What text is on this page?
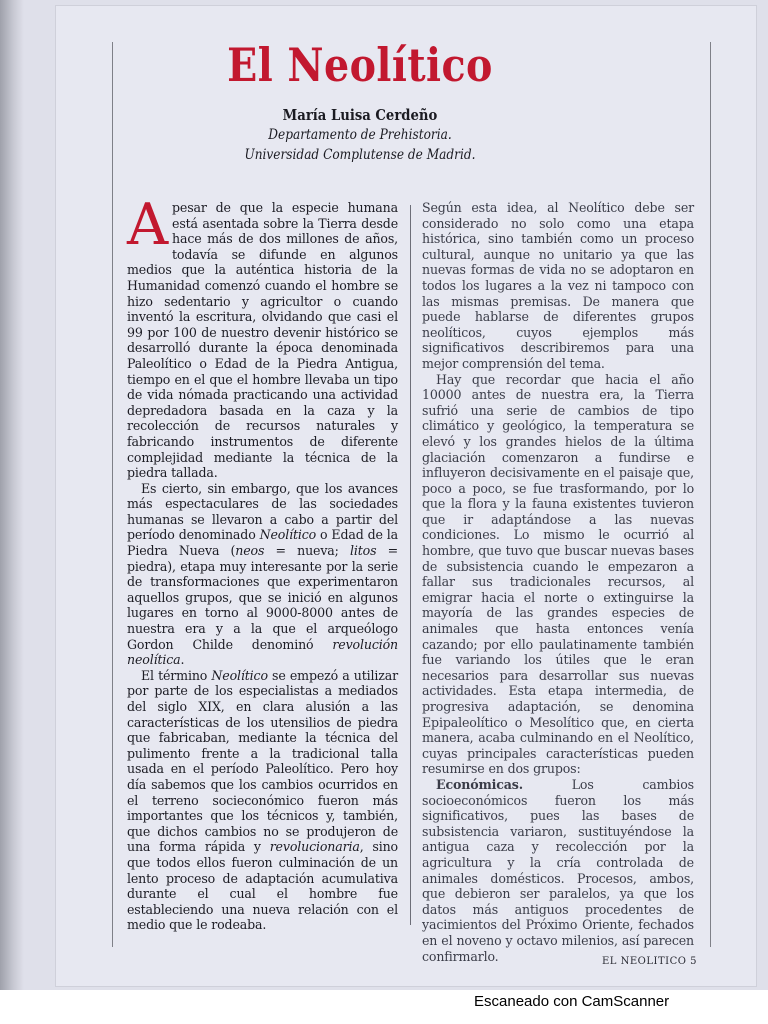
El Neolítico
María Luisa Cerdeño
Departamento de Prehistoria.
Universidad Complutense de Madrid.

Apesar de que la especie humana está asentada sobre la Tierra desde hace más de dos millones de años, todavía se difunde en algunos medios que la auténtica historia de la Humanidad comenzó cuando el hombre se hizo sedentario y agricultor o cuando inventó la escritura, olvidando que casi el 99 por 100 de nuestro devenir histórico se desarrolló durante la época denominada Paleolítico o Edad de la Piedra Antigua, tiempo en el que el hombre llevaba un tipo de vida nómada practicando una actividad depredadora basada en la caza y la recolección de recursos naturales y fabricando instrumentos de diferente complejidad mediante la técnica de la piedra tallada.

Es cierto, sin embargo, que los avances más espectaculares de las sociedades humanas se llevaron a cabo a partir del período denominado Neolítico o Edad de la Piedra Nueva (neos = nueva; litos = piedra), etapa muy interesante por la serie de transformaciones que experimentaron aquellos grupos, que se inició en algunos lugares en torno al 9000-8000 antes de nuestra era y a la que el arqueólogo Gordon Childe denominó revolución neolítica.

El término Neolítico se empezó a utilizar por parte de los especialistas a mediados del siglo XIX, en clara alusión a las características de los utensilios de piedra que fabricaban, mediante la técnica del pulimento frente a la tradicional talla usada en el período Paleolítico. Pero hoy día sabemos que los cambios ocurridos en el terreno socieconómico fueron más importantes que los técnicos y, también, que dichos cambios no se produjeron de una forma rápida y revolucionaria, sino que todos ellos fueron culminación de un lento proceso de adaptación acumulativa durante el cual el hombre fue estableciendo una nueva relación con el medio que le rodeaba.

Según esta idea, al Neolítico debe ser considerado no solo como una etapa histórica, sino también como un proceso cultural, aunque no unitario ya que las nuevas formas de vida no se adoptaron en todos los lugares a la vez ni tampoco con las mismas premisas. De manera que puede hablarse de diferentes grupos neolíticos, cuyos ejemplos más significativos describiremos para una mejor comprensión del tema.

Hay que recordar que hacia el año 10000 antes de nuestra era, la Tierra sufrió una serie de cambios de tipo climático y geológico, la temperatura se elevó y los grandes hielos de la última glaciación comenzaron a fundirse e influyeron decisivamente en el paisaje que, poco a poco, se fue trasformando, por lo que la flora y la fauna existentes tuvieron que ir adaptándose a las nuevas condiciones. Lo mismo le ocurrió al hombre, que tuvo que buscar nuevas bases de subsistencia cuando le empezaron a fallar sus tradicionales recursos, al emigrar hacia el norte o extinguirse la mayoría de las grandes especies de animales que hasta entonces venía cazando; por ello paulatinamente también fue variando los útiles que le eran necesarios para desarrollar sus nuevas actividades. Esta etapa intermedia, de progresiva adaptación, se denomina Epipaleolítico o Mesolítico que, en cierta manera, acaba culminando en el Neolítico, cuyas principales características pueden resumirse en dos grupos:

Económicas. Los cambios socioeconómicos fueron los más significativos, pues las bases de subsistencia variaron, sustituyéndose la antigua caza y recolección por la agricultura y la cría controlada de animales domésticos. Procesos, ambos, que debieron ser paralelos, ya que los datos más antiguos procedentes de yacimientos del Próximo Oriente, fechados en el noveno y octavo milenios, así parecen confirmarlo.	EL NEOLITICO 5
Escaneado con CamScanner
